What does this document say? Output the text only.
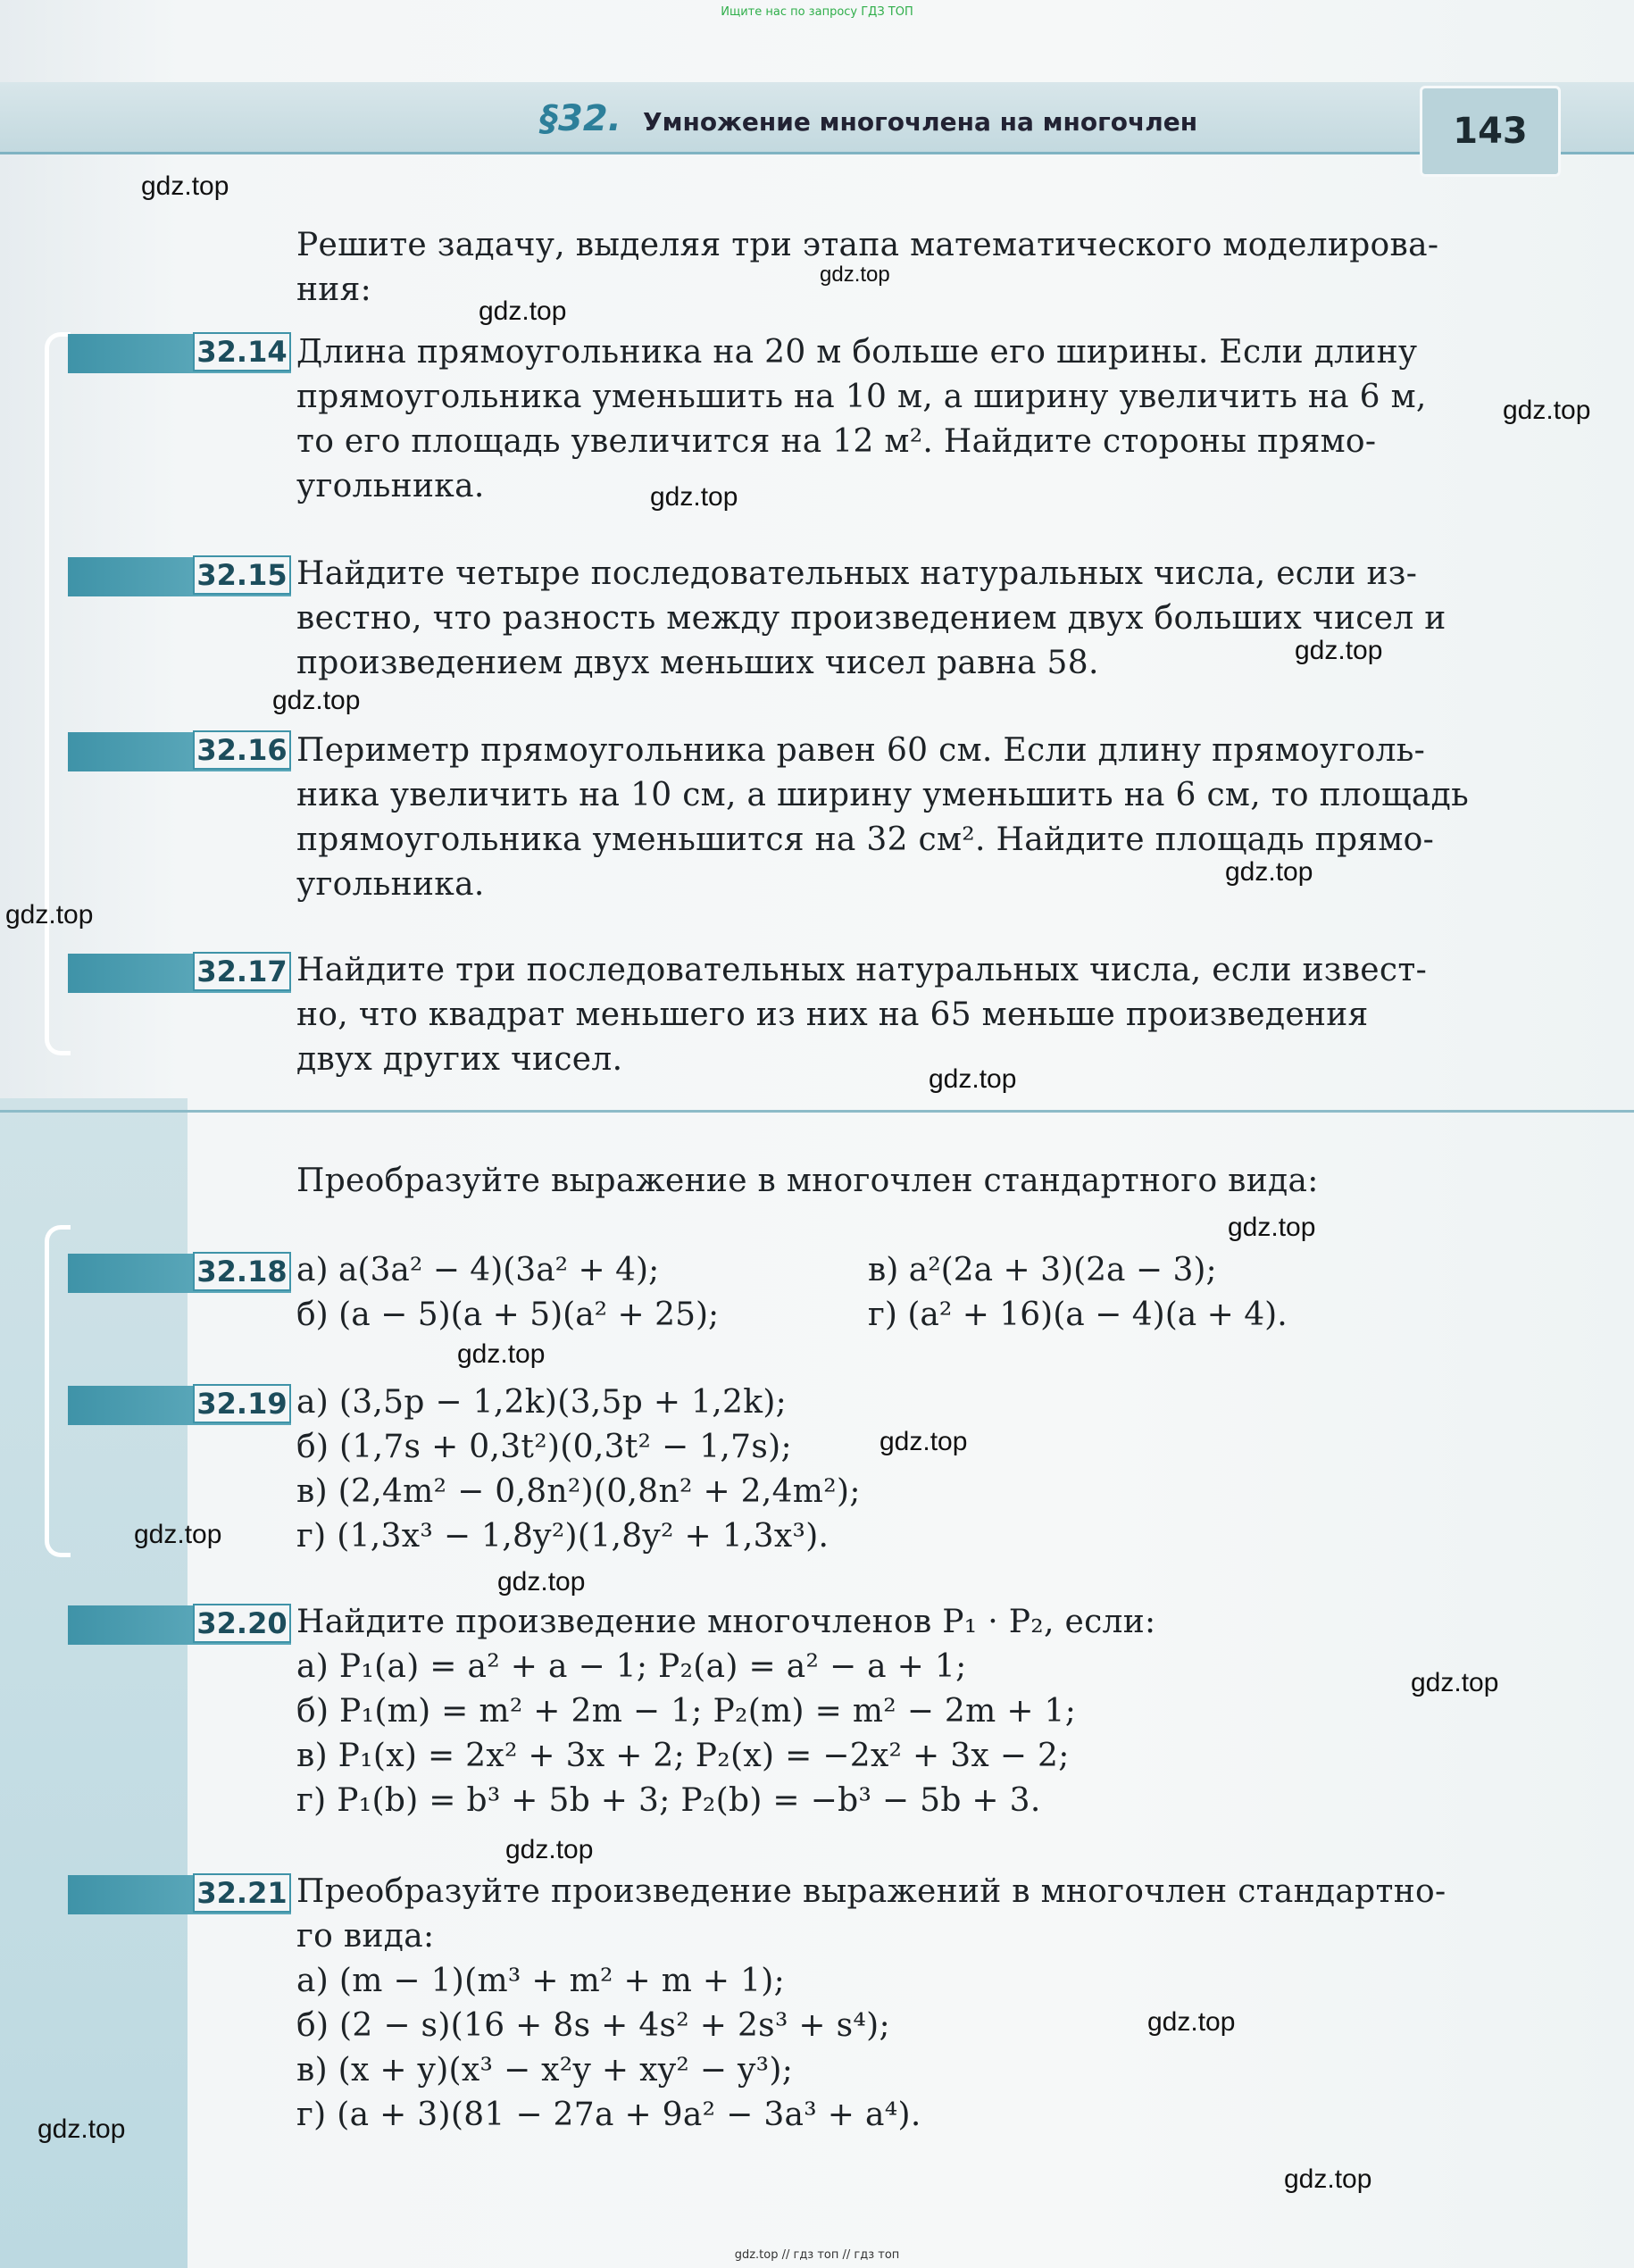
Ищите нас по запросу ГДЗ ТОП
§32. Умножение многочлена на многочлен	143
Решите задачу, выделяя три этапа математического моделирова-
ния:
32.14 Длина прямоугольника на 20 м больше его ширины. Если длину
прямоугольника уменьшить на 10 м, а ширину увеличить на 6 м,
то его площадь увеличится на 12 м². Найдите стороны прямо-
угольника.
32.15 Найдите четыре последовательных натуральных числа, если из-
вестно, что разность между произведением двух больших чисел и
произведением двух меньших чисел равна 58.
32.16 Периметр прямоугольника равен 60 см. Если длину прямоуголь-
ника увеличить на 10 см, а ширину уменьшить на 6 см, то площадь
прямоугольника уменьшится на 32 см². Найдите площадь прямо-
угольника.
32.17 Найдите три последовательных натуральных числа, если извест-
но, что квадрат меньшего из них на 65 меньше произведения
двух других чисел.
Преобразуйте выражение в многочлен стандартного вида:
32.18 а) a(3a² − 4)(3a² + 4);	в) a²(2a + 3)(2a − 3);
б) (a − 5)(a + 5)(a² + 25);	г) (a² + 16)(a − 4)(a + 4).
32.19 а) (3,5p − 1,2k)(3,5p + 1,2k);
б) (1,7s + 0,3t²)(0,3t² − 1,7s);
в) (2,4m² − 0,8n²)(0,8n² + 2,4m²);
г) (1,3x³ − 1,8y²)(1,8y² + 1,3x³).
32.20 Найдите произведение многочленов P₁ · P₂, если:
а) P₁(a) = a² + a − 1; P₂(a) = a² − a + 1;
б) P₁(m) = m² + 2m − 1; P₂(m) = m² − 2m + 1;
в) P₁(x) = 2x² + 3x + 2; P₂(x) = −2x² + 3x − 2;
г) P₁(b) = b³ + 5b + 3; P₂(b) = −b³ − 5b + 3.
32.21 Преобразуйте произведение выражений в многочлен стандартно-
го вида:
а) (m − 1)(m³ + m² + m + 1);
б) (2 − s)(16 + 8s + 4s² + 2s³ + s⁴);
в) (x + y)(x³ − x²y + xy² − y³);
г) (a + 3)(81 − 27a + 9a² − 3a³ + a⁴).
gdz.top
gdz.top
gdz.top
gdz.top
gdz.top
gdz.top
gdz.top
gdz.top
gdz.top
gdz.top
gdz.top
gdz.top
gdz.top
gdz.top
gdz.top
gdz.top
gdz.top
gdz.top
gdz.top
gdz.top
gdz.top // гдз топ // гдз топ
